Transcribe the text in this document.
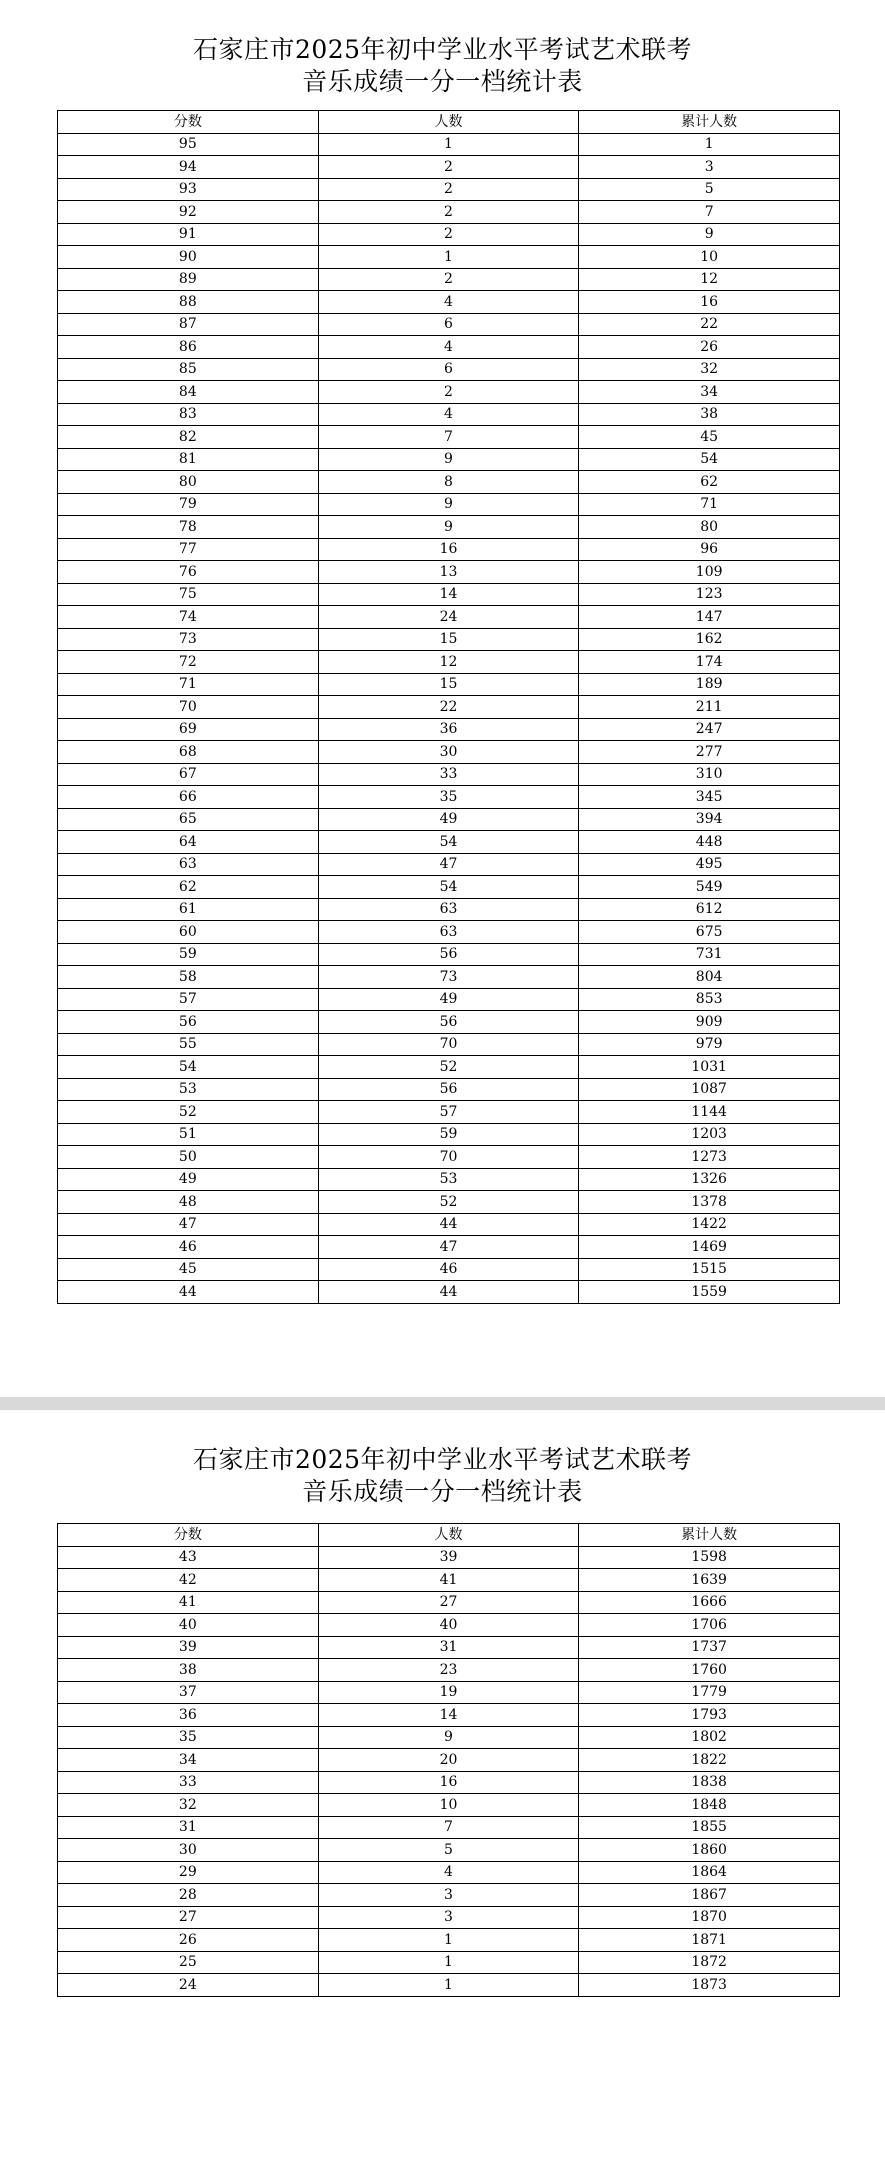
石家庄市2025年初中学业水平考试艺术联考
音乐成绩一分一档统计表
分数	人数	累计人数
95	1	1
94	2	3
93	2	5
92	2	7
91	2	9
90	1	10
89	2	12
88	4	16
87	6	22
86	4	26
85	6	32
84	2	34
83	4	38
82	7	45
81	9	54
80	8	62
79	9	71
78	9	80
77	16	96
76	13	109
75	14	123
74	24	147
73	15	162
72	12	174
71	15	189
70	22	211
69	36	247
68	30	277
67	33	310
66	35	345
65	49	394
64	54	448
63	47	495
62	54	549
61	63	612
60	63	675
59	56	731
58	73	804
57	49	853
56	56	909
55	70	979
54	52	1031
53	56	1087
52	57	1144
51	59	1203
50	70	1273
49	53	1326
48	52	1378
47	44	1422
46	47	1469
45	46	1515
44	44	1559
石家庄市2025年初中学业水平考试艺术联考
音乐成绩一分一档统计表
分数	人数	累计人数
43	39	1598
42	41	1639
41	27	1666
40	40	1706
39	31	1737
38	23	1760
37	19	1779
36	14	1793
35	9	1802
34	20	1822
33	16	1838
32	10	1848
31	7	1855
30	5	1860
29	4	1864
28	3	1867
27	3	1870
26	1	1871
25	1	1872
24	1	1873
